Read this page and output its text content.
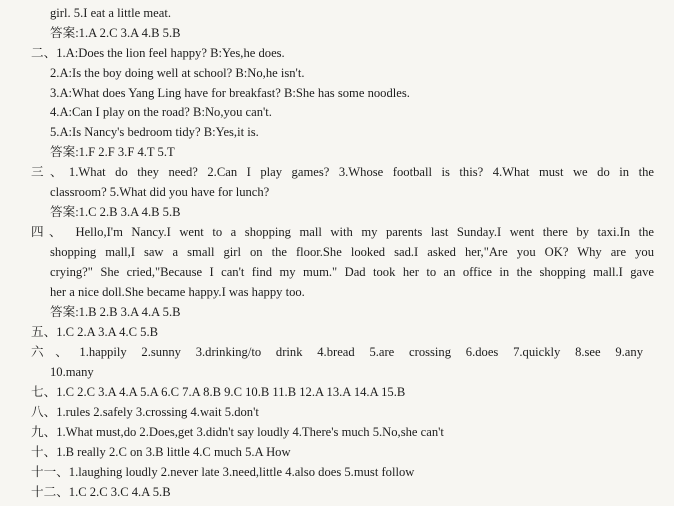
girl. 5.I eat a little meat.
答案:1.A 2.C 3.A 4.B 5.B
二、1.A:Does the lion feel happy? B:Yes,he does.
2.A:Is the boy doing well at school? B:No,he isn't.
3.A:What does Yang Ling have for breakfast? B:She has some noodles.
4.A:Can I play on the road? B:No,you can't.
5.A:Is Nancy's bedroom tidy? B:Yes,it is.
答案:1.F 2.F 3.F 4.T 5.T
三、1.What do they need? 2.Can I play games? 3.Whose football is this? 4.What must we do in the
classroom? 5.What did you have for lunch?
答案:1.C 2.B 3.A 4.B 5.B
四、 Hello,I'm Nancy.I went to a shopping mall with my parents last Sunday.I went there by taxi.In the
shopping mall,I saw a small girl on the floor.She looked sad.I asked her,"Are you OK? Why are you
crying?" She cried,"Because I can't find my mum." Dad took her to an office in the shopping mall.I gave
her a nice doll.She became happy.I was happy too.
答案:1.B 2.B 3.A 4.A 5.B
五、1.C 2.A 3.A 4.C 5.B
六、1.happily 2.sunny 3.drinking/to drink 4.bread 5.are crossing 6.does 7.quickly 8.see 9.any
10.many
七、1.C 2.C 3.A 4.A 5.A 6.C 7.A 8.B 9.C 10.B 11.B 12.A 13.A 14.A 15.B
八、1.rules 2.safely 3.crossing 4.wait 5.don't
九、1.What must,do 2.Does,get 3.didn't say loudly 4.There's much 5.No,she can't
十、1.B really 2.C on 3.B little 4.C much 5.A How
十一、1.laughing loudly 2.never late 3.need,little 4.also does 5.must follow
十二、1.C 2.C 3.C 4.A 5.B
